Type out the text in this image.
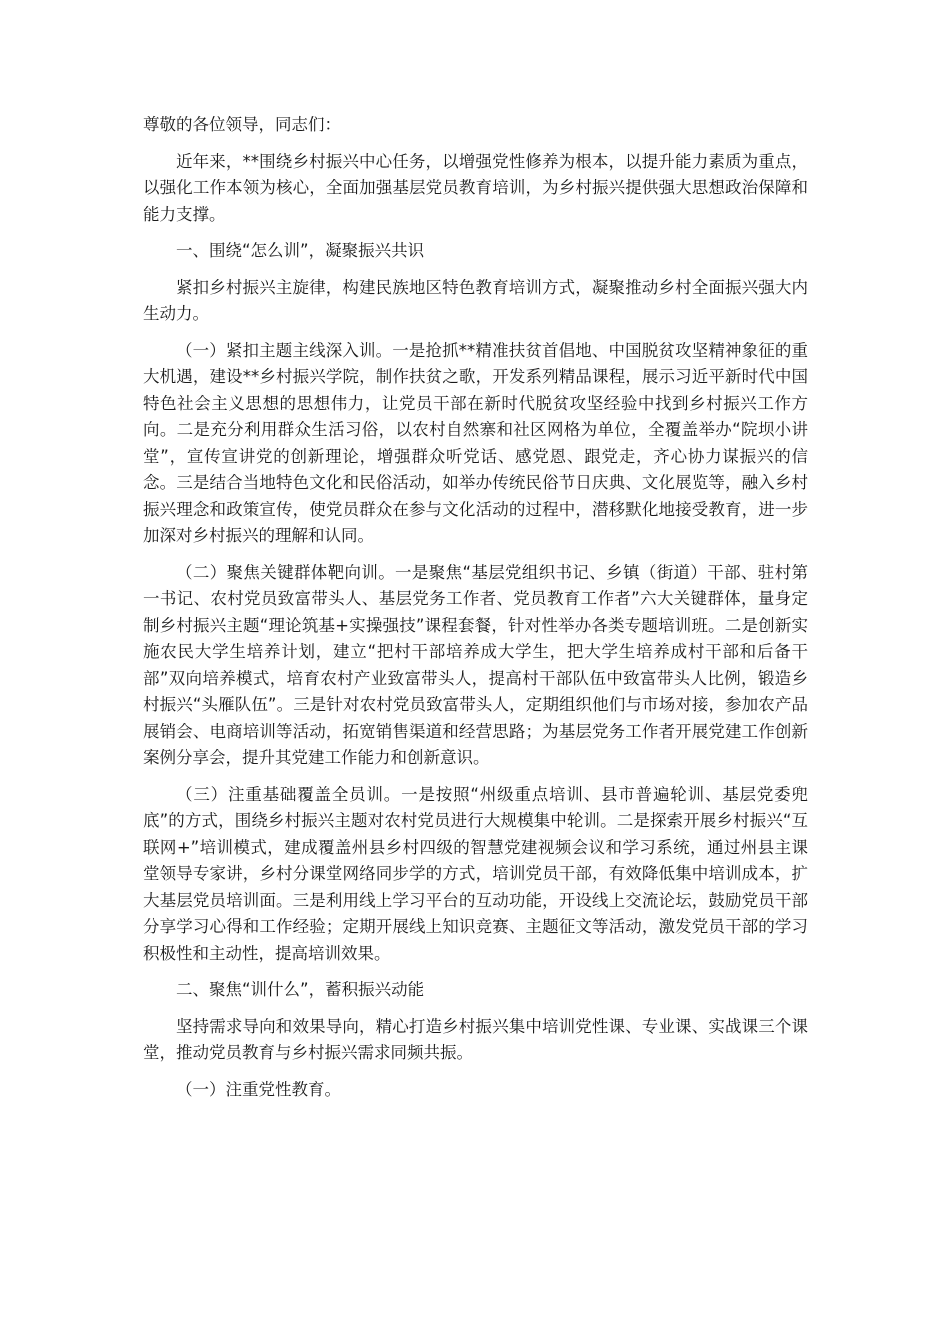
尊敬的各位领导，同志们：

近年来，**围绕乡村振兴中心任务，以增强党性修养为根本，以提升能力素质为重点，以强化工作本领为核心，全面加强基层党员教育培训，为乡村振兴提供强大思想政治保障和能力支撑。

一、围绕“怎么训”，凝聚振兴共识

紧扣乡村振兴主旋律，构建民族地区特色教育培训方式，凝聚推动乡村全面振兴强大内生动力。

（一）紧扣主题主线深入训。一是抢抓**精准扶贫首倡地、中国脱贫攻坚精神象征的重大机遇，建设**乡村振兴学院，制作扶贫之歌，开发系列精品课程，展示习近平新时代中国特色社会主义思想的思想伟力，让党员干部在新时代脱贫攻坚经验中找到乡村振兴工作方向。二是充分利用群众生活习俗，以农村自然寨和社区网格为单位，全覆盖举办“院坝小讲堂”，宣传宣讲党的创新理论，增强群众听党话、感党恩、跟党走，齐心协力谋振兴的信念。三是结合当地特色文化和民俗活动，如举办传统民俗节日庆典、文化展览等，融入乡村振兴理念和政策宣传，使党员群众在参与文化活动的过程中，潜移默化地接受教育，进一步加深对乡村振兴的理解和认同。

（二）聚焦关键群体靶向训。一是聚焦“基层党组织书记、乡镇（街道）干部、驻村第一书记、农村党员致富带头人、基层党务工作者、党员教育工作者”六大关键群体，量身定制乡村振兴主题“理论筑基+实操强技”课程套餐，针对性举办各类专题培训班。二是创新实施农民大学生培养计划，建立“把村干部培养成大学生，把大学生培养成村干部和后备干部”双向培养模式，培育农村产业致富带头人，提高村干部队伍中致富带头人比例，锻造乡村振兴“头雁队伍”。三是针对农村党员致富带头人，定期组织他们与市场对接，参加农产品展销会、电商培训等活动，拓宽销售渠道和经营思路；为基层党务工作者开展党建工作创新案例分享会，提升其党建工作能力和创新意识。

（三）注重基础覆盖全员训。一是按照“州级重点培训、县市普遍轮训、基层党委兜底”的方式，围绕乡村振兴主题对农村党员进行大规模集中轮训。二是探索开展乡村振兴“互联网+”培训模式，建成覆盖州县乡村四级的智慧党建视频会议和学习系统，通过州县主课堂领导专家讲，乡村分课堂网络同步学的方式，培训党员干部，有效降低集中培训成本，扩大基层党员培训面。三是利用线上学习平台的互动功能，开设线上交流论坛，鼓励党员干部分享学习心得和工作经验；定期开展线上知识竞赛、主题征文等活动，激发党员干部的学习积极性和主动性，提高培训效果。

二、聚焦“训什么”，蓄积振兴动能

坚持需求导向和效果导向，精心打造乡村振兴集中培训党性课、专业课、实战课三个课堂，推动党员教育与乡村振兴需求同频共振。

（一）注重党性教育。
